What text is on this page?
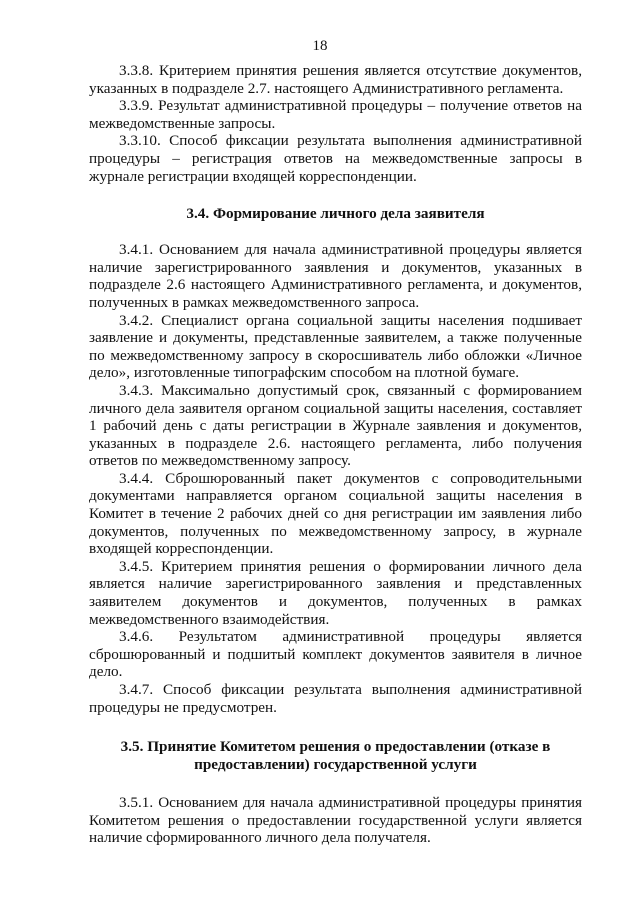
18

3.3.8. Критерием принятия решения является отсутствие документов, указанных в подразделе 2.7. настоящего Административного регламента.

3.3.9. Результат административной процедуры – получение ответов на межведомственные запросы.

3.3.10. Способ фиксации результата выполнения административной процедуры – регистрация ответов на межведомственные запросы в журнале регистрации входящей корреспонденции.

3.4. Формирование личного дела заявителя

3.4.1. Основанием для начала административной процедуры является наличие зарегистрированного заявления и документов, указанных в подразделе 2.6 настоящего Административного регламента, и документов, полученных в рамках межведомственного запроса.

3.4.2. Специалист органа социальной защиты населения подшивает заявление и документы, представленные заявителем, а также полученные по межведомственному запросу в скоросшиватель либо обложки «Личное дело», изготовленные типографским способом на плотной бумаге.

3.4.3. Максимально допустимый срок, связанный с формированием личного дела заявителя органом социальной защиты населения, составляет 1 рабочий день с даты регистрации в Журнале заявления и документов, указанных в подразделе 2.6. настоящего регламента, либо получения ответов по межведомственному запросу.

3.4.4. Сброшюрованный пакет документов с сопроводительными документами направляется органом социальной защиты населения в Комитет в течение 2 рабочих дней со дня регистрации им заявления либо документов, полученных по межведомственному запросу, в журнале входящей корреспонденции.

3.4.5. Критерием принятия решения о формировании личного дела является наличие зарегистрированного заявления и представленных заявителем документов и документов, полученных в рамках межведомственного взаимодействия.

3.4.6. Результатом административной процедуры является сброшюрованный и подшитый комплект документов заявителя в личное дело.

3.4.7. Способ фиксации результата выполнения административной процедуры не предусмотрен.

3.5. Принятие Комитетом решения о предоставлении (отказе в

предоставлении) государственной услуги

3.5.1. Основанием для начала административной процедуры принятия Комитетом решения о предоставлении государственной услуги является наличие сформированного личного дела получателя.
